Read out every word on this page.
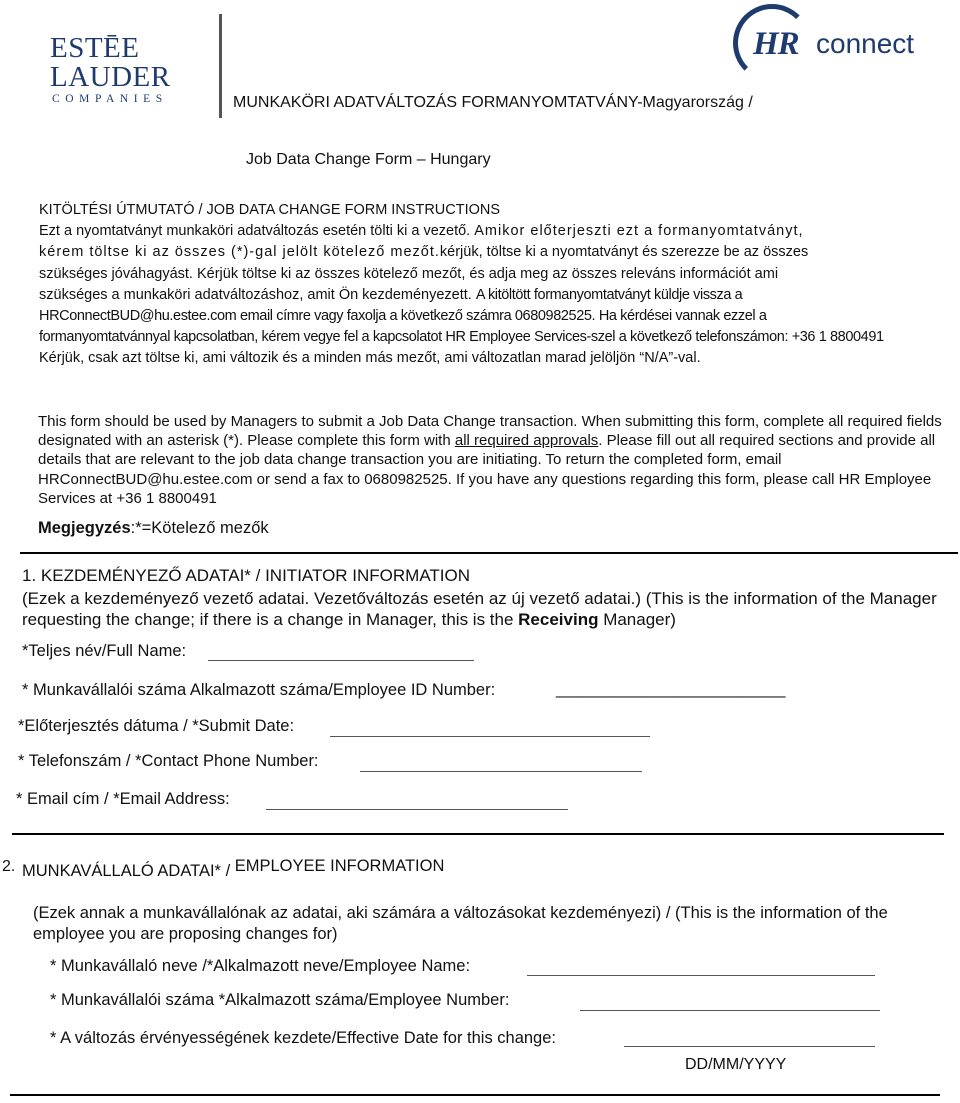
ESTĒE
LAUDER
COMPANIES
HR connect
MUNKAKÖRI ADATVÁLTOZÁS FORMANYOMTATVÁNY-Magyarország /
Job Data Change Form – Hungary

KITÖLTÉSI ÚTMUTATÓ / JOB DATA CHANGE FORM INSTRUCTIONS

Ezt a nyomtatványt munkaköri adatváltozás esetén tölti ki a vezető. Amikor előterjeszti ezt a formanyomtatványt,

kérem töltse ki az összes (*)-gal jelölt kötelező mezőt.kérjük, töltse ki a nyomtatványt és szerezze be az összes

szükséges jóváhagyást. Kérjük töltse ki az összes kötelező mezőt, és adja meg az összes releváns információt ami

szükséges a munkaköri adatváltozáshoz, amit Ön kezdeményezett. A kitöltött formanyomtatványt küldje vissza a

HRConnectBUD@hu.estee.com email címre vagy faxolja a következő számra 0680982525. Ha kérdései vannak ezzel a

formanyomtatvánnyal kapcsolatban, kérem vegye fel a kapcsolatot HR Employee Services-szel a következő telefonszámon: +36 1 8800491

Kérjük, csak azt töltse ki, ami változik és a minden más mezőt, ami változatlan marad jelöljön “N/A”-val.

This form should be used by Managers to submit a Job Data Change transaction. When submitting this form, complete all required fields designated with an asterisk (*). Please complete this form with all required approvals. Please fill out all required sections and provide all details that are relevant to the job data change transaction you are initiating. To return the completed form, email HRConnectBUD@hu.estee.com or send a fax to 0680982525. If you have any questions regarding this form, please call HR Employee Services at +36 1 8800491
Megjegyzés:*=Kötelező mezők
1. KEZDEMÉNYEZŐ ADATAI* / INITIATOR INFORMATION
(Ezek a kezdeményező vezető adatai. Vezetőváltozás esetén az új vezető adatai.) (This is the information of the Manager requesting the change; if there is a change in Manager, this is the Receiving Manager)
*Teljes név/Full Name:
* Munkavállalói száma Alkalmazott száma/Employee ID Number:	_________________________
*Előterjesztés dátuma / *Submit Date:
* Telefonszám / *Contact Phone Number:
* Email cím / *Email Address:
2. MUNKAVÁLLALÓ ADATAI* / EMPLOYEE INFORMATION
(Ezek annak a munkavállalónak az adatai, aki számára a változásokat kezdeményezi) / (This is the information of the employee you are proposing changes for)
* Munkavállaló neve /*Alkalmazott neve/Employee Name:
* Munkavállalói száma *Alkalmazott száma/Employee Number:
* A változás érvényességének kezdete/Effective Date for this change:
DD/MM/YYYY
